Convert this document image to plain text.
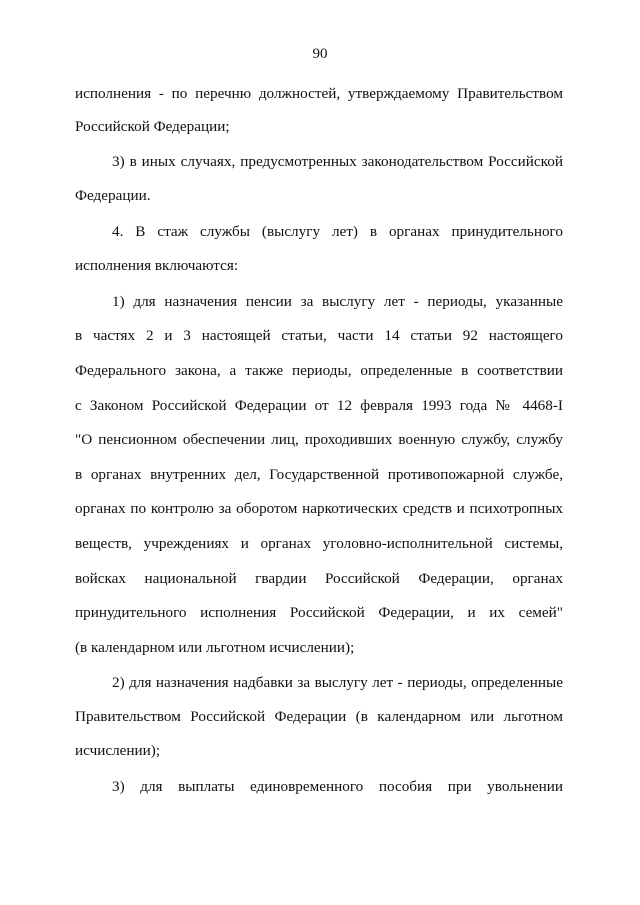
90
исполнения - по перечню должностей, утверждаемому Правительством
Российской Федерации;
3) в иных случаях, предусмотренных законодательством Российской
Федерации.
4. В стаж службы (выслугу лет) в органах принудительного
исполнения включаются:
1) для назначения пенсии за выслугу лет - периоды, указанные
в частях 2 и 3 настоящей статьи, части 14 статьи 92 настоящего
Федерального закона, а также периоды, определенные в соответствии
с Законом Российской Федерации от 12 февраля 1993 года № 4468-I
"О пенсионном обеспечении лиц, проходивших военную службу, службу
в органах внутренних дел, Государственной противопожарной службе,
органах по контролю за оборотом наркотических средств и психотропных
веществ, учреждениях и органах уголовно-исполнительной системы,
войсках национальной гвардии Российской Федерации, органах
принудительного исполнения Российской Федерации, и их семей"
(в календарном или льготном исчислении);
2) для назначения надбавки за выслугу лет - периоды, определенные
Правительством Российской Федерации (в календарном или льготном
исчислении);
3) для выплаты единовременного пособия при увольнении
